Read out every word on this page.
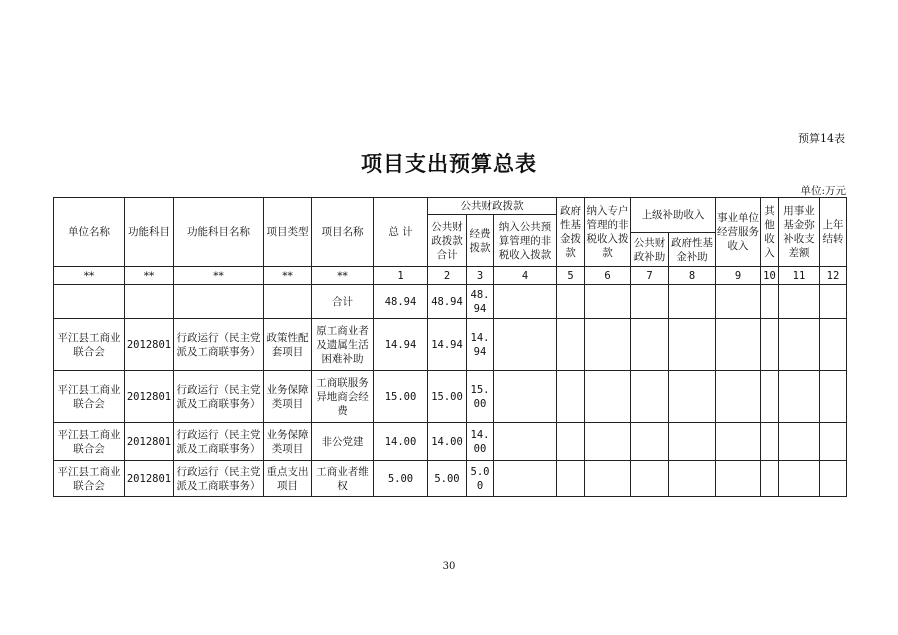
预算14表
项目支出预算总表
单位:万元
单位名称	功能科目	功能科目名称	项目类型	项目名称	总 计	公共财政拨款			政府性基金拨款	纳入专户管理的非税收入拨款	上级补助收入		事业单位经营服务收入	其他收入	用事业基金弥补收支差额	上年结转
						公共财政拨款合计	经费拨款	纳入公共预算管理的非税收入拨款								
											公共财政补助	政府性基金补助				
**	**	**	**	**	1	2	3	4	5	6	7	8	9	10	11	12
				合计	48.94	48.94	48.94									
平江县工商业联合会	2012801	行政运行（民主党派及工商联事务）	政策性配套项目	原工商业者及遗属生活困难补助	14.94	14.94	14.94									
平江县工商业联合会	2012801	行政运行（民主党派及工商联事务）	业务保障类项目	工商联服务异地商会经费	15.00	15.00	15.00									
平江县工商业联合会	2012801	行政运行（民主党派及工商联事务）	业务保障类项目	非公党建	14.00	14.00	14.00									
平江县工商业联合会	2012801	行政运行（民主党派及工商联事务）	重点支出项目	工商业者维权	5.00	5.00	5.00									
30
